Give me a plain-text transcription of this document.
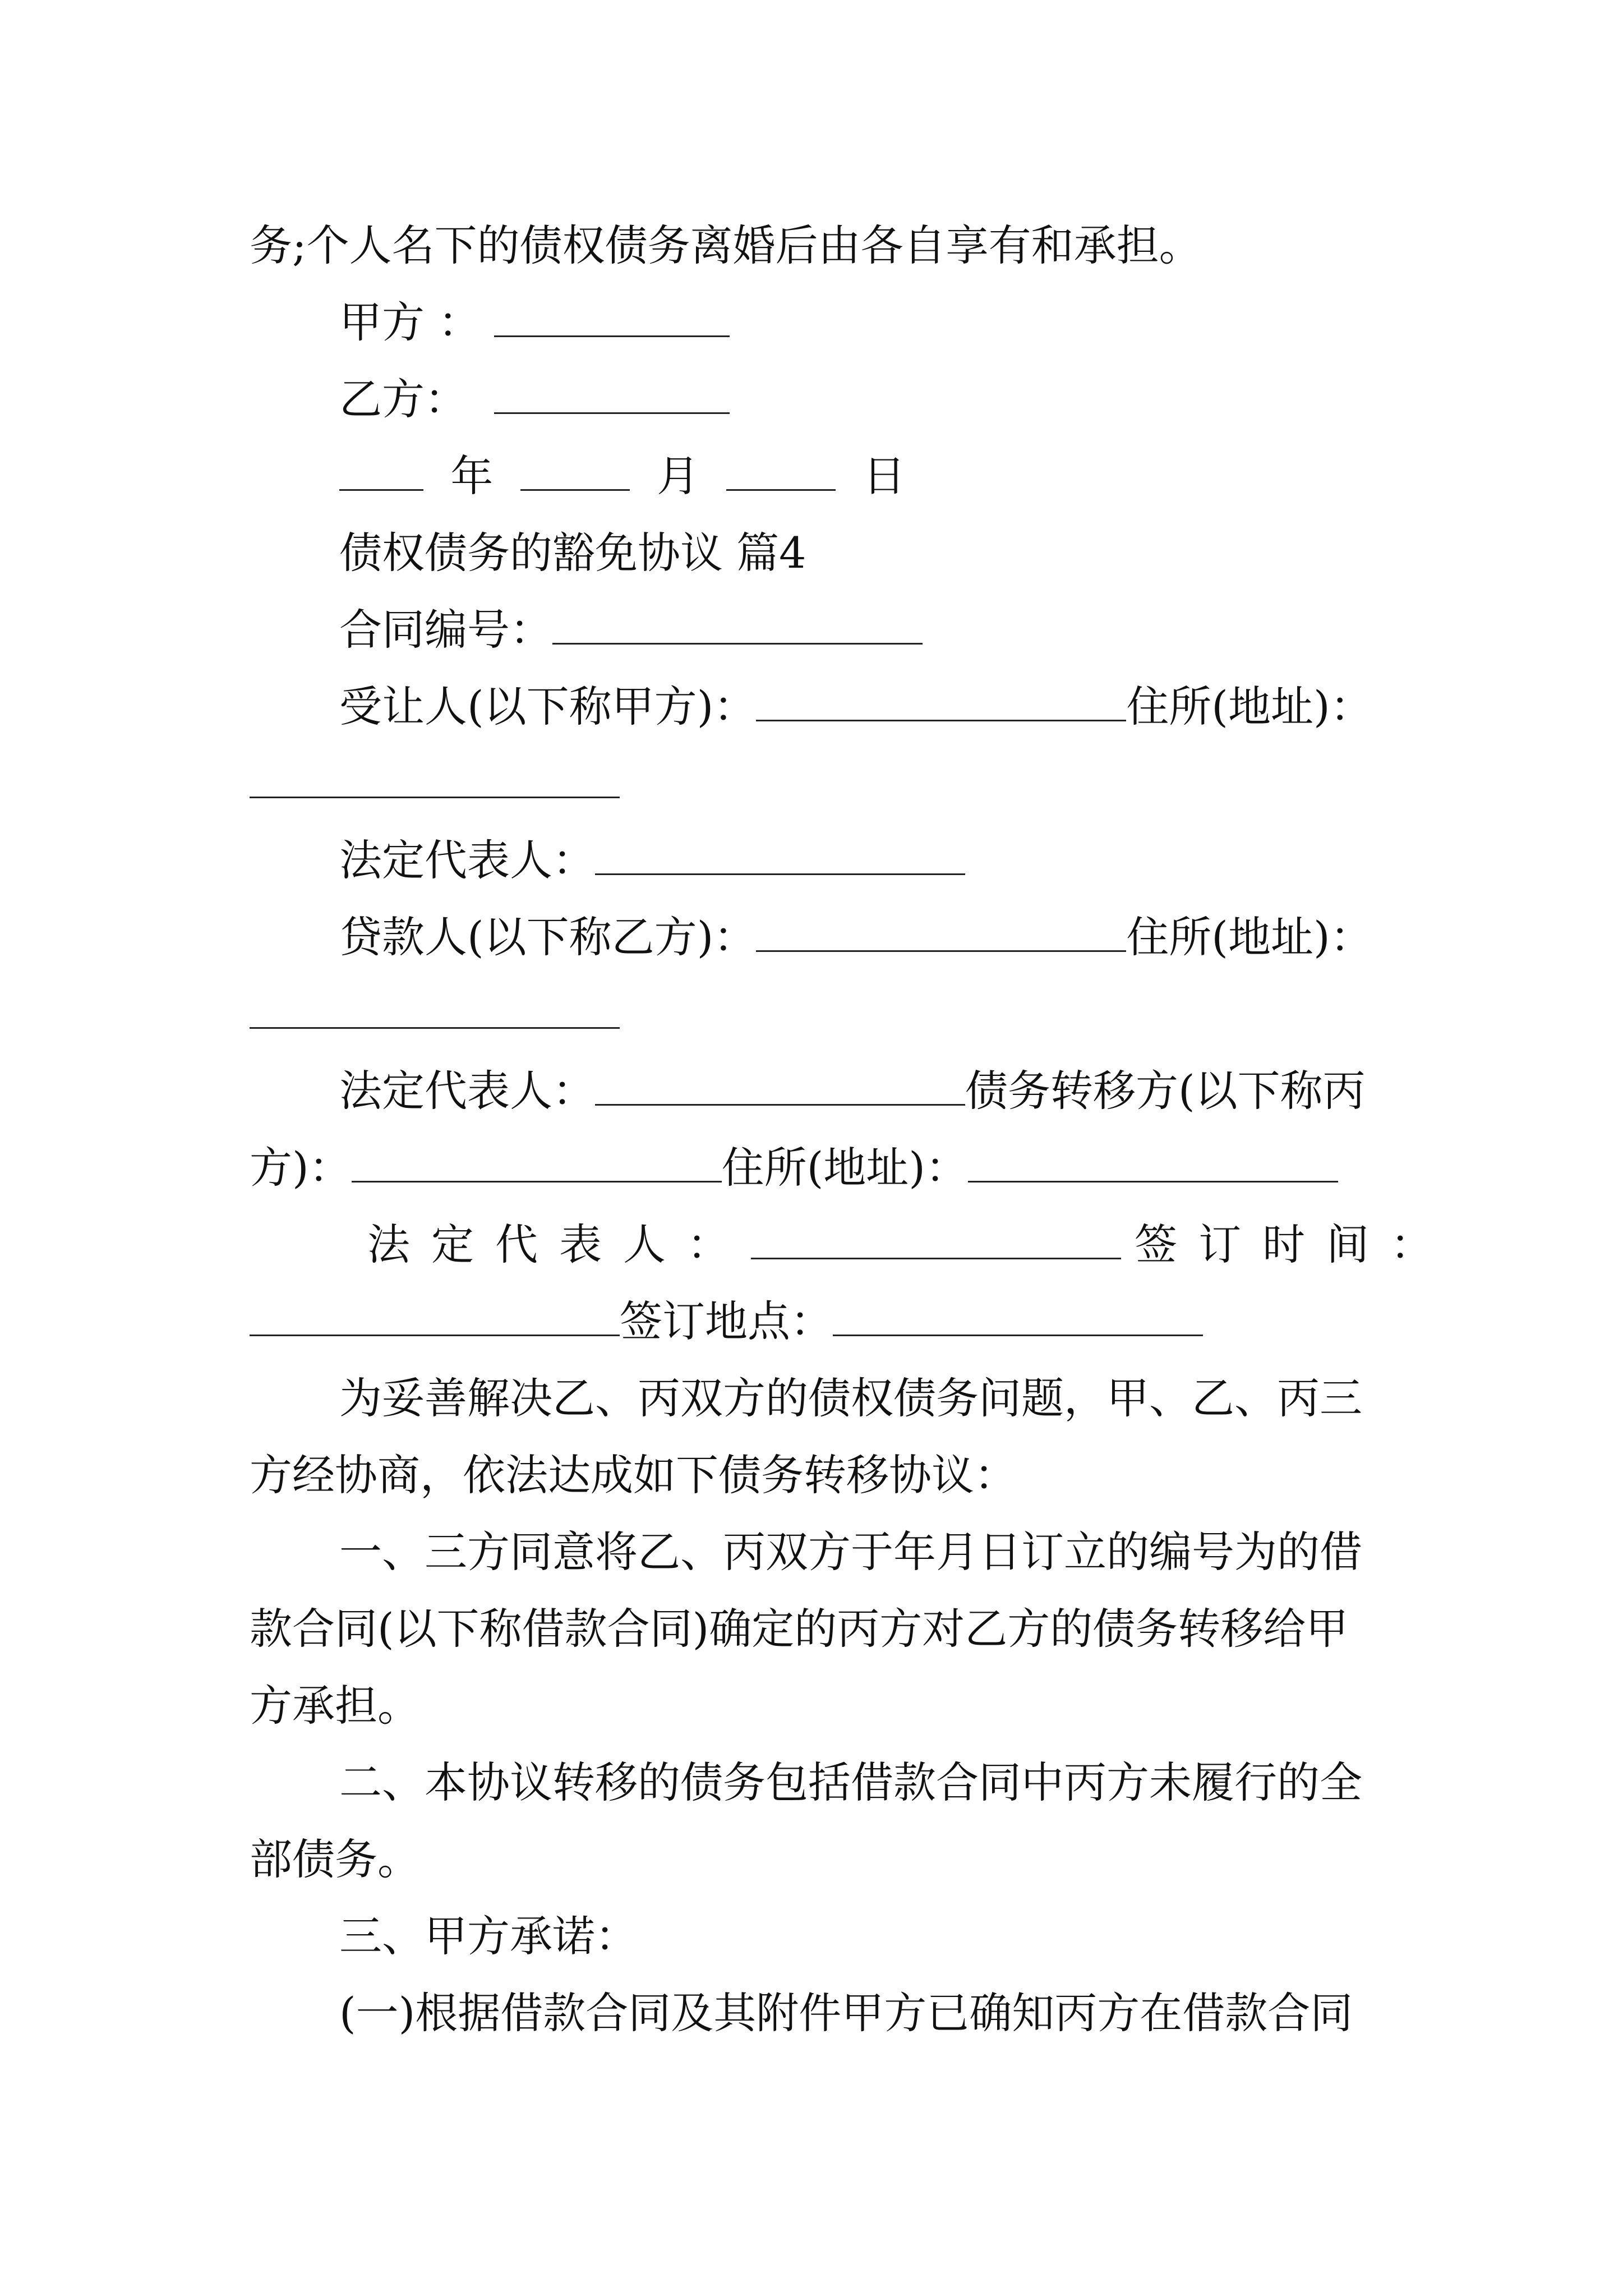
务;个人名下的债权债务离婚后由各自享有和承担。
甲方 ：
乙方：
年	月	日
债权债务的豁免协议 篇4
合同编号：
受让人(以下称甲方)：	住所(地址)：
法定代表人：
贷款人(以下称乙方)：	住所(地址)：
法定代表人：	债务转移方(以下称丙
方)：	住所(地址)：
法定代表人：	签订时间：
签订地点：
为妥善解决乙、丙双方的债权债务问题，甲、乙、丙三
方经协商，依法达成如下债务转移协议：
一、三方同意将乙、丙双方于年月日订立的编号为的借
款合同(以下称借款合同)确定的丙方对乙方的债务转移给甲
方承担。
二、本协议转移的债务包括借款合同中丙方未履行的全
部债务。
三、甲方承诺：
(一)根据借款合同及其附件甲方已确知丙方在借款合同
